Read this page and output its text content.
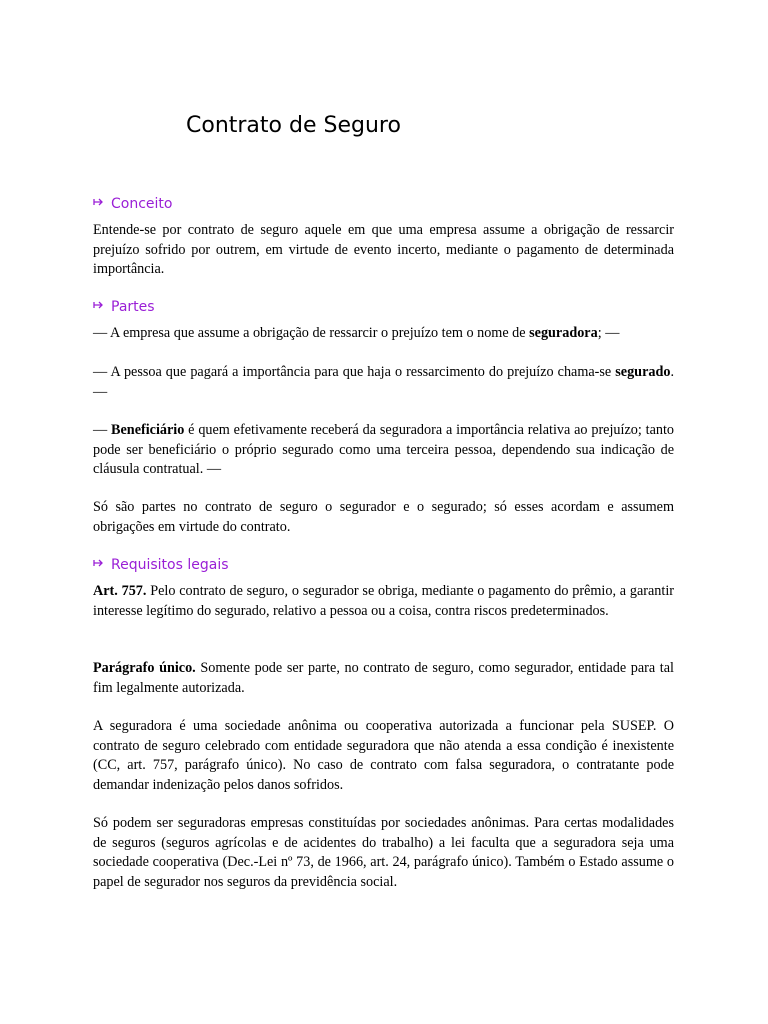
Contrato de Seguro
Conceito

Entende-se por contrato de seguro aquele em que uma empresa assume a obrigação de ressarcir prejuízo sofrido por outrem, em virtude de evento incerto, mediante o pagamento de determinada importância.

Partes

— A empresa que assume a obrigação de ressarcir o prejuízo tem o nome de seguradora; —

— A pessoa que pagará a importância para que haja o ressarcimento do prejuízo chama-se segurado. —

— Beneficiário é quem efetivamente receberá da seguradora a importância relativa ao prejuízo; tanto pode ser beneficiário o próprio segurado como uma terceira pessoa, dependendo sua indicação de cláusula contratual. —

Só são partes no contrato de seguro o segurador e o segurado; só esses acordam e assumem obrigações em virtude do contrato.

Requisitos legais

Art. 757. Pelo contrato de seguro, o segurador se obriga, mediante o pagamento do prêmio, a garantir interesse legítimo do segurado, relativo a pessoa ou a coisa, contra riscos predeterminados.

Parágrafo único. Somente pode ser parte, no contrato de seguro, como segurador, entidade para tal fim legalmente autorizada.

A seguradora é uma sociedade anônima ou cooperativa autorizada a funcionar pela SUSEP. O contrato de seguro celebrado com entidade seguradora que não atenda a essa condição é inexistente (CC, art. 757, parágrafo único). No caso de contrato com falsa seguradora, o contratante pode demandar indenização pelos danos sofridos.

Só podem ser seguradoras empresas constituídas por sociedades anônimas. Para certas modalidades de seguros (seguros agrícolas e de acidentes do trabalho) a lei faculta que a seguradora seja uma sociedade cooperativa (Dec.-Lei nº 73, de 1966, art. 24, parágrafo único). Também o Estado assume o papel de segurador nos seguros da previdência social.
